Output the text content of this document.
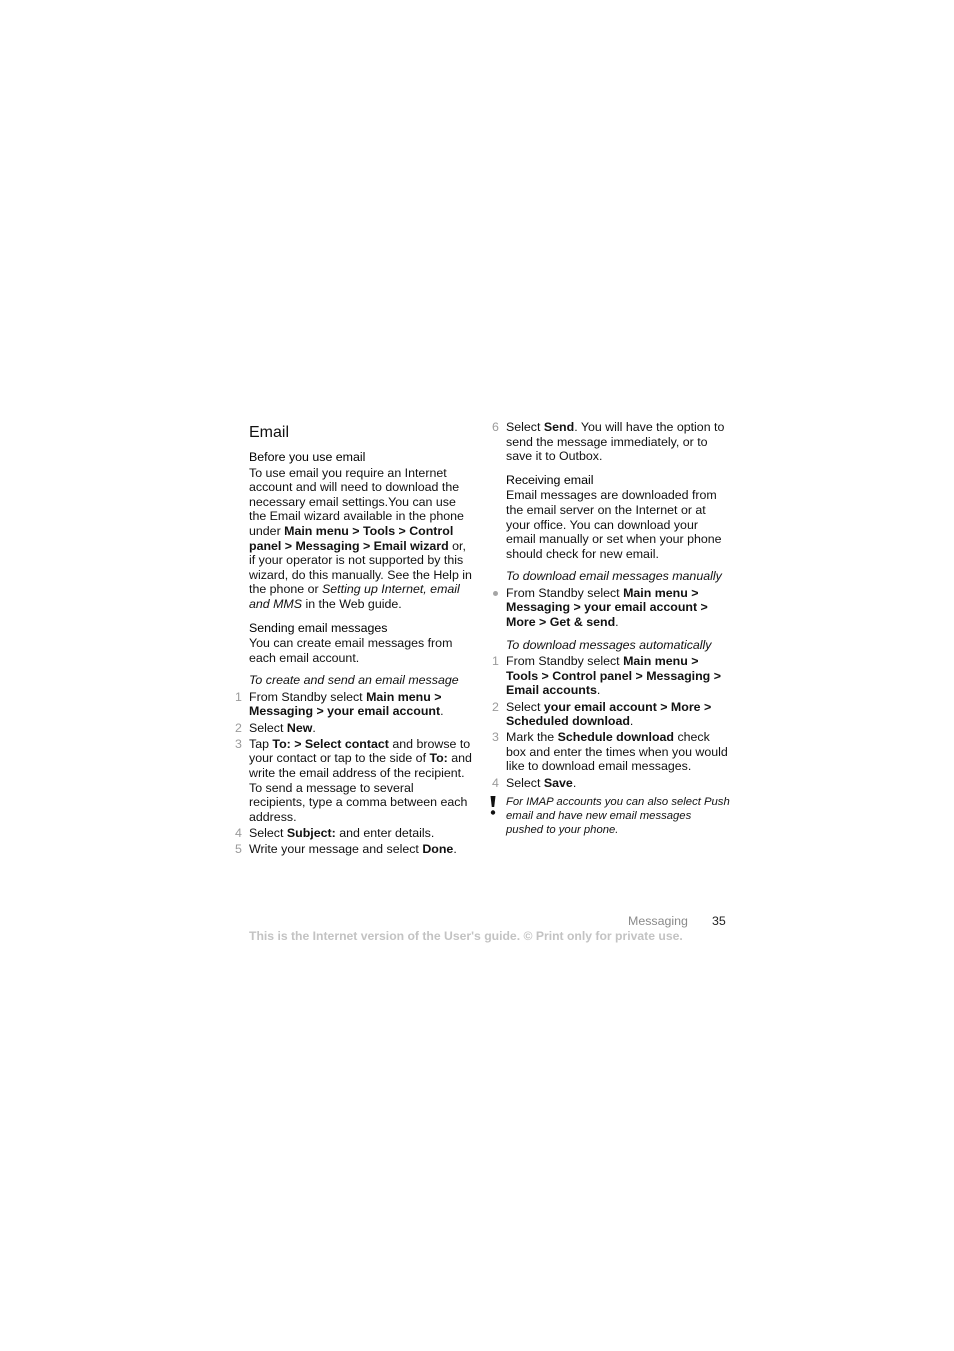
Email
Before you use email
To use email you require an Internet account and will need to download the necessary email settings.You can use the Email wizard available in the phone under Main menu > Tools > Control panel > Messaging > Email wizard or, if your operator is not supported by this wizard, do this manually. See the Help in the phone or Setting up Internet, email and MMS in the Web guide.
Sending email messages
You can create email messages from each email account.
To create and send an email message
1 From Standby select Main menu > Messaging > your email account.
2 Select New.
3 Tap To: > Select contact and browse to your contact or tap to the side of To: and write the email address of the recipient. To send a message to several recipients, type a comma between each address.
4 Select Subject: and enter details.
5 Write your message and select Done.
6 Select Send. You will have the option to send the message immediately, or to save it to Outbox.
Receiving email
Email messages are downloaded from the email server on the Internet or at your office. You can download your email manually or set when your phone should check for new email.
To download email messages manually
From Standby select Main menu > Messaging > your email account > More > Get & send.
To download messages automatically
1 From Standby select Main menu > Tools > Control panel > Messaging > Email accounts.
2 Select your email account > More > Scheduled download.
3 Mark the Schedule download check box and enter the times when you would like to download email messages.
4 Select Save.
For IMAP accounts you can also select Push email and have new email messages pushed to your phone.
Messaging 35
This is the Internet version of the User's guide. © Print only for private use.
